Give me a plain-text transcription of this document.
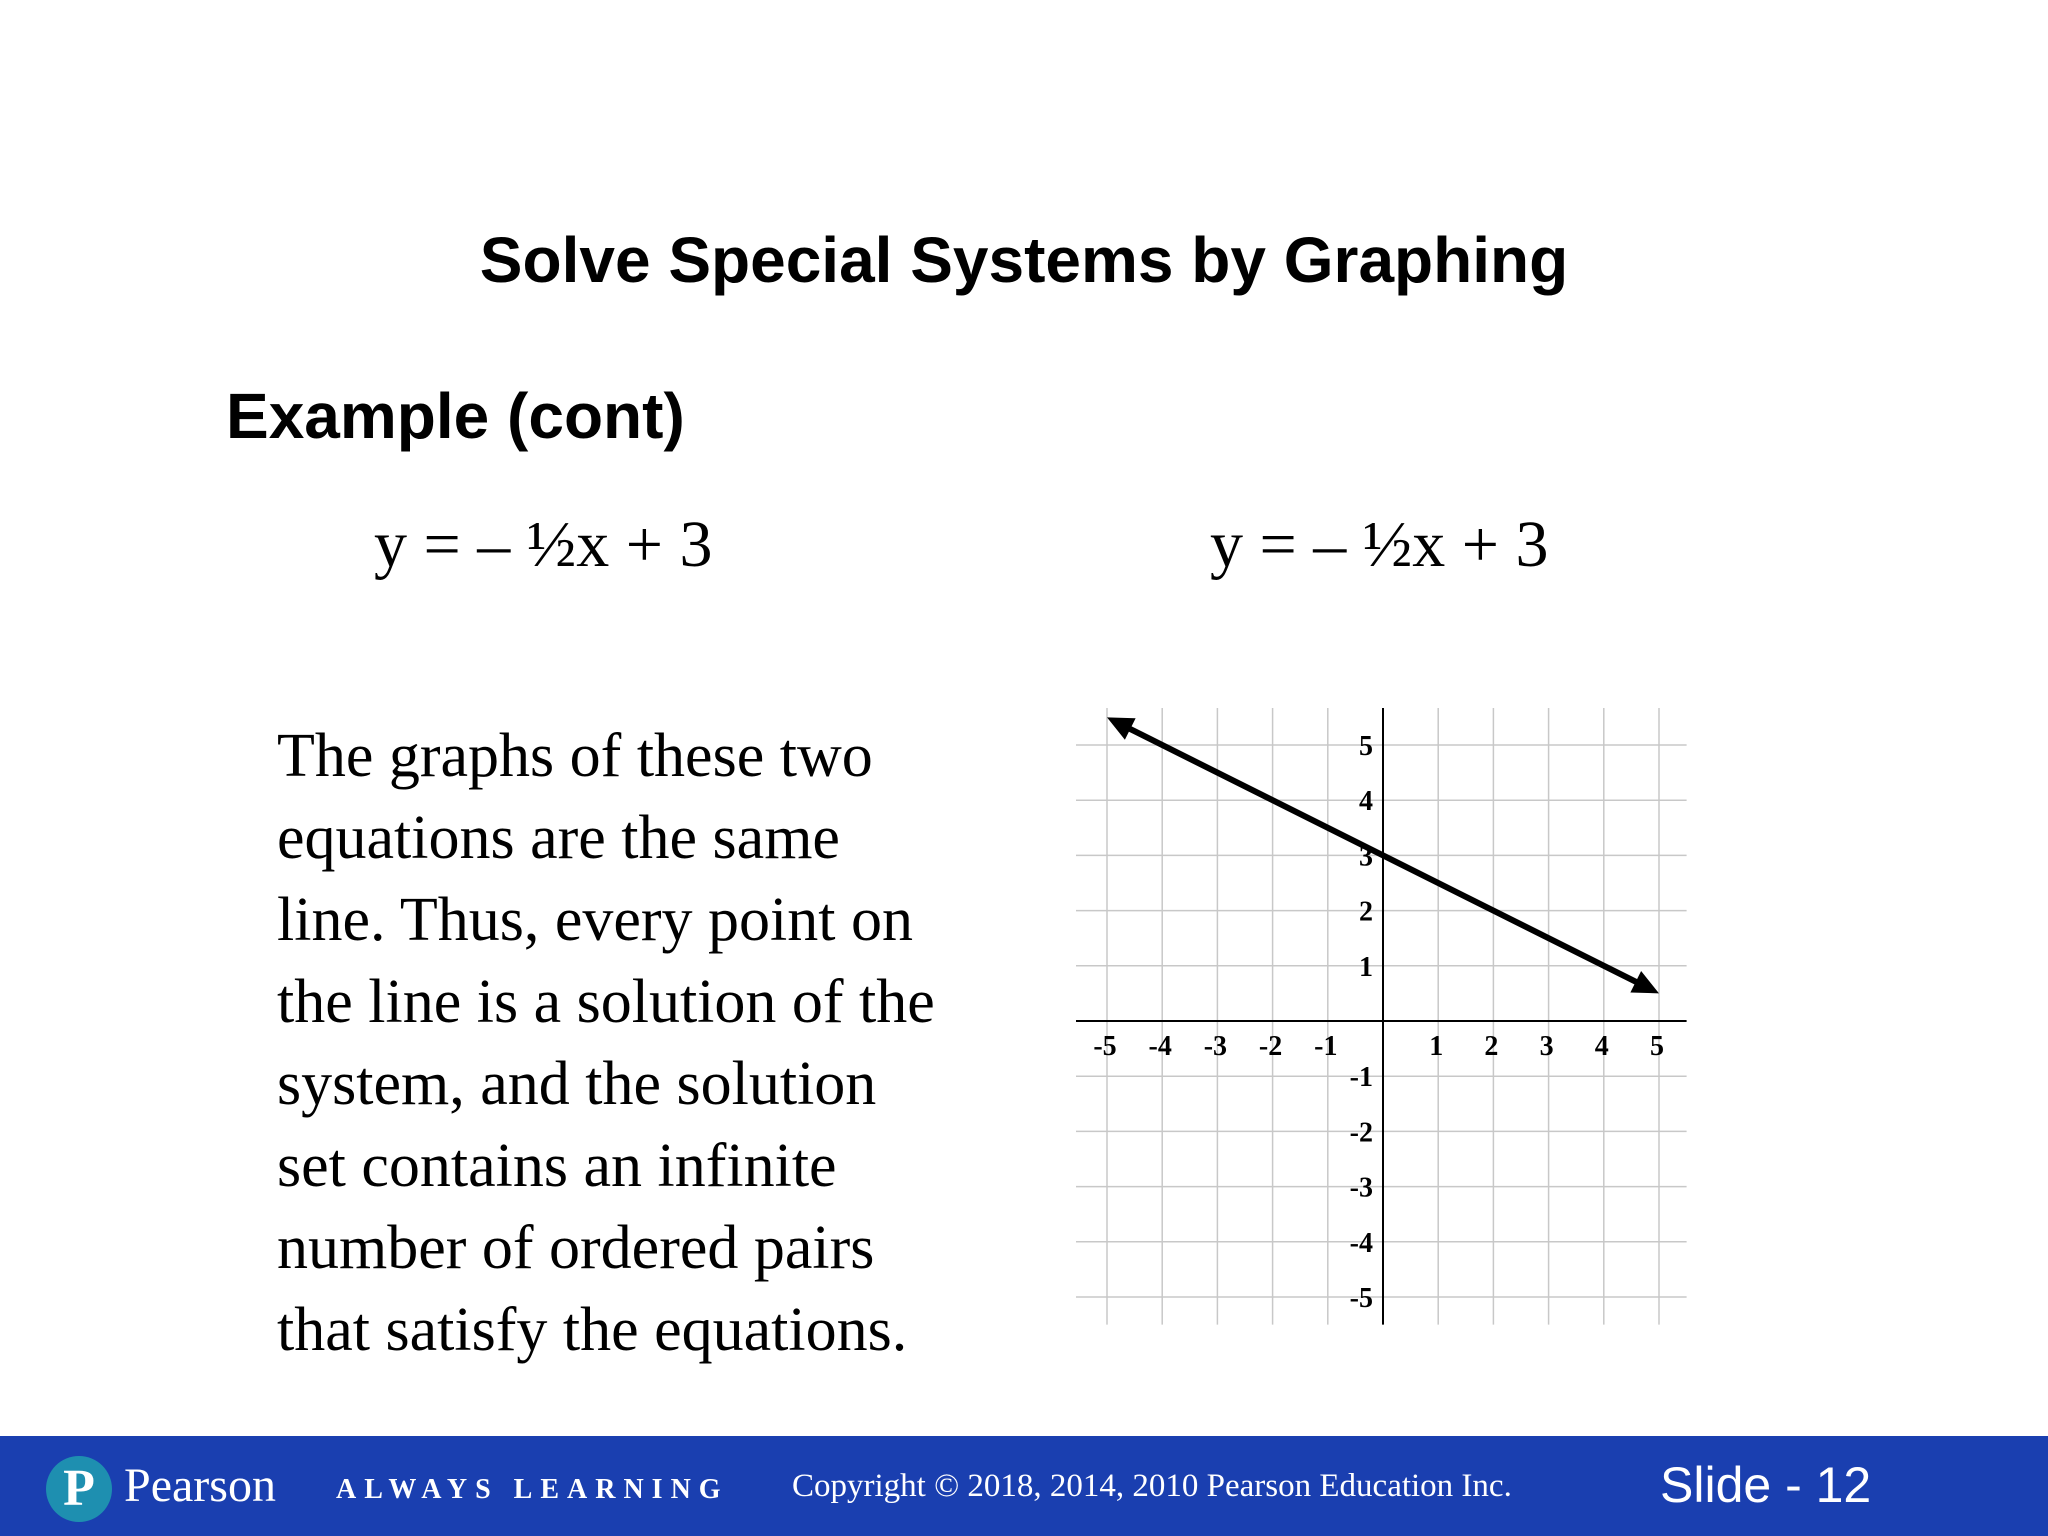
Solve Special Systems by Graphing
Example (cont)
y = – ½x + 3	y = – ½x + 3
The graphs of these two
equations are the same
line. Thus, every point on
the line is a solution of the
system, and the solution
set contains an infinite
number of ordered pairs
that satisfy the equations.
-5 -4 -3 -2 -1	1 2 3 4 5
5
4
3
2
1
-1
-2
-3
-4
-5
P Pearson ALWAYS LEARNING Copyright © 2018, 2014, 2010 Pearson Education Inc.	Slide - 12
